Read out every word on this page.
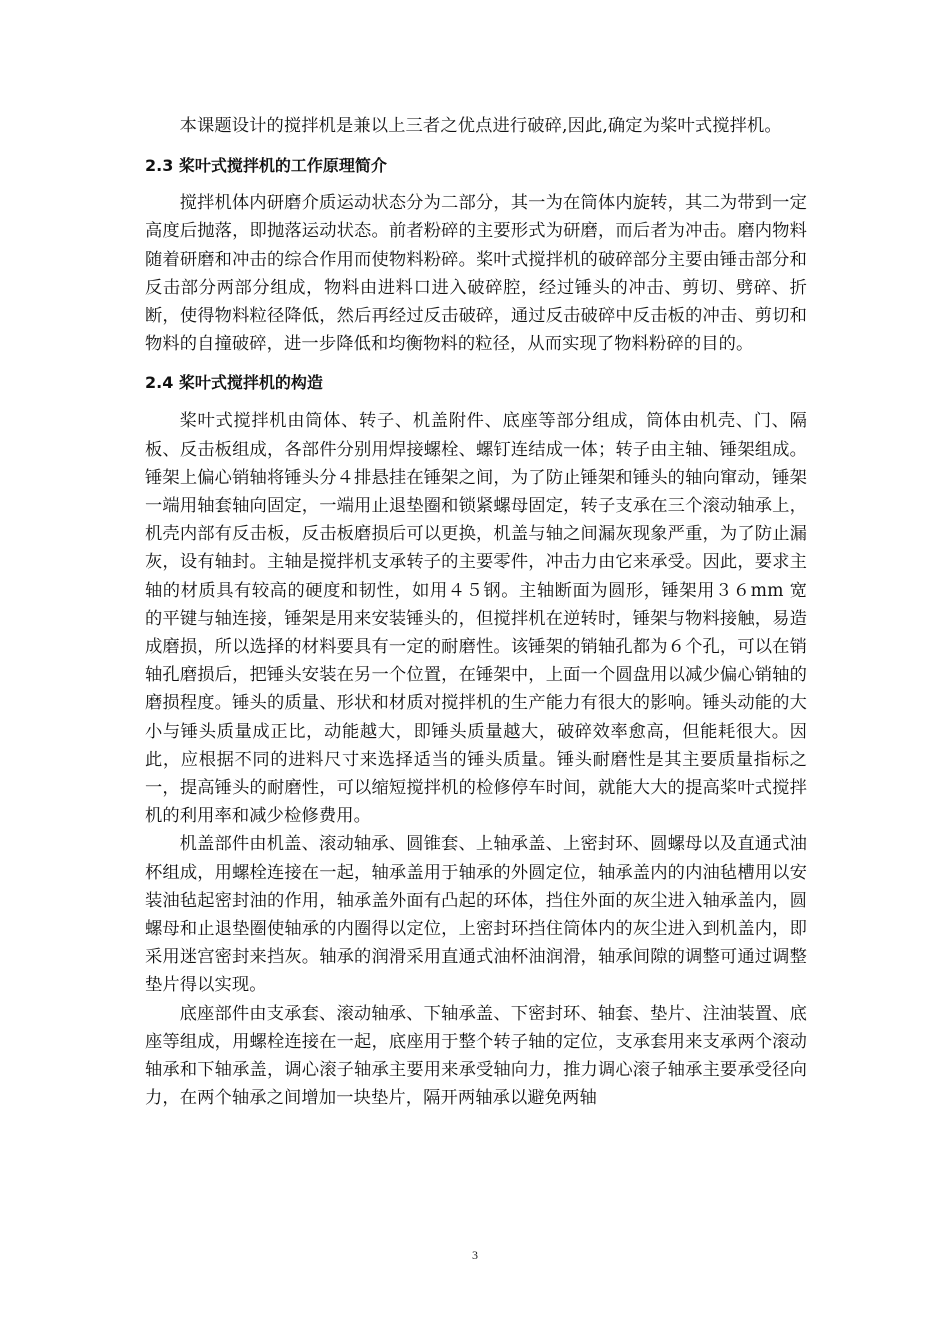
本课题设计的搅拌机是兼以上三者之优点进行破碎,因此,确定为桨叶式搅拌机。

2.3 桨叶式搅拌机的工作原理简介

搅拌机体内研磨介质运动状态分为二部分，其一为在筒体内旋转，其二为带到一定高度后抛落，即抛落运动状态。前者粉碎的主要形式为研磨，而后者为冲击。磨内物料随着研磨和冲击的综合作用而使物料粉碎。桨叶式搅拌机的破碎部分主要由锤击部分和反击部分两部分组成，物料由进料口进入破碎腔，经过锤头的冲击、剪切、劈碎、折断，使得物料粒径降低，然后再经过反击破碎，通过反击破碎中反击板的冲击、剪切和物料的自撞破碎，进一步降低和均衡物料的粒径，从而实现了物料粉碎的目的。

2.4 桨叶式搅拌机的构造

桨叶式搅拌机由筒体、转子、机盖附件、底座等部分组成，筒体由机壳、门、隔板、反击板组成，各部件分别用焊接螺栓、螺钉连结成一体；转子由主轴、锤架组成。锤架上偏心销轴将锤头分４排悬挂在锤架之间，为了防止锤架和锤头的轴向窜动，锤架一端用轴套轴向固定，一端用止退垫圈和锁紧螺母固定，转子支承在三个滚动轴承上，机壳内部有反击板，反击板磨损后可以更换，机盖与轴之间漏灰现象严重，为了防止漏灰，设有轴封。主轴是搅拌机支承转子的主要零件，冲击力由它来承受。因此，要求主轴的材质具有较高的硬度和韧性，如用４５钢。主轴断面为圆形，锤架用３６mm 宽的平键与轴连接，锤架是用来安装锤头的，但搅拌机在逆转时，锤架与物料接触，易造成磨损，所以选择的材料要具有一定的耐磨性。该锤架的销轴孔都为６个孔，可以在销轴孔磨损后，把锤头安装在另一个位置，在锤架中，上面一个圆盘用以减少偏心销轴的磨损程度。锤头的质量、形状和材质对搅拌机的生产能力有很大的影响。锤头动能的大小与锤头质量成正比，动能越大，即锤头质量越大，破碎效率愈高，但能耗很大。因此，应根据不同的进料尺寸来选择适当的锤头质量。锤头耐磨性是其主要质量指标之一，提高锤头的耐磨性，可以缩短搅拌机的检修停车时间，就能大大的提高桨叶式搅拌机的利用率和减少检修费用。

机盖部件由机盖、滚动轴承、圆锥套、上轴承盖、上密封环、圆螺母以及直通式油杯组成，用螺栓连接在一起，轴承盖用于轴承的外圆定位，轴承盖内的内油毡槽用以安装油毡起密封油的作用，轴承盖外面有凸起的环体，挡住外面的灰尘进入轴承盖内，圆螺母和止退垫圈使轴承的内圈得以定位，上密封环挡住筒体内的灰尘进入到机盖内，即采用迷宫密封来挡灰。轴承的润滑采用直通式油杯油润滑，轴承间隙的调整可通过调整垫片得以实现。

底座部件由支承套、滚动轴承、下轴承盖、下密封环、轴套、垫片、注油装置、底座等组成，用螺栓连接在一起，底座用于整个转子轴的定位，支承套用来支承两个滚动轴承和下轴承盖，调心滚子轴承主要用来承受轴向力，推力调心滚子轴承主要承受径向力，在两个轴承之间增加一块垫片，隔开两轴承以避免两轴

3
